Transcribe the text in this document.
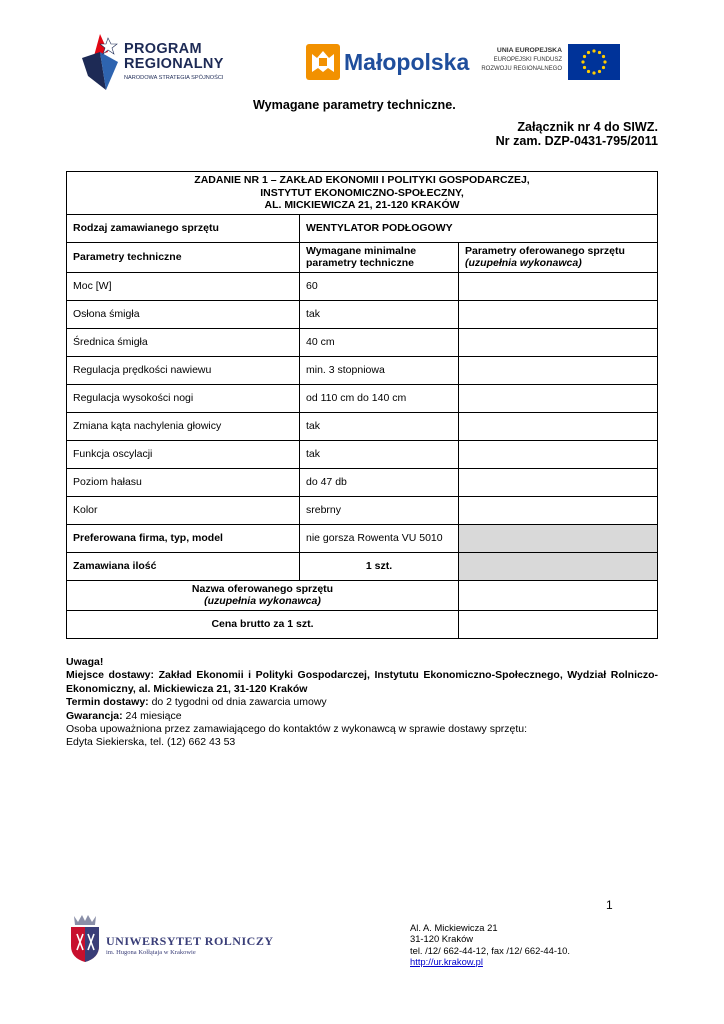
PROGRAM
REGIONALNY
NARODOWA STRATEGIA SPÓJNOŚCI
Małopolska	UNIA EUROPEJSKA
EUROPEJSKI FUNDUSZ
ROZWOJU REGIONALNEGO
Wymagane parametry techniczne.
Załącznik nr 4 do SIWZ.
Nr zam. DZP-0431-795/2011
ZADANIE NR 1 – ZAKŁAD EKONOMII I POLITYKI GOSPODARCZEJ,
INSTYTUT EKONOMICZNO-SPOŁECZNY,
AL. MICKIEWICZA 21, 21-120 KRAKÓW		

Rodzaj zamawianego sprzętu	WENTYLATOR PODŁOGOWY	
Parametry techniczne	Wymagane minimalne parametry techniczne	Parametry oferowanego sprzętu
(uzupełnia wykonawca)

Moc [W]	60	
Osłona śmigła	tak	
Średnica śmigła	40 cm	
Regulacja prędkości nawiewu	min. 3 stopniowa	
Regulacja wysokości nogi	od 110 cm do 140 cm	
Zmiana kąta nachylenia głowicy	tak	
Funkcja oscylacji	tak	
Poziom hałasu	do 47 db	
Kolor	srebrny	
Preferowana firma, typ, model	nie gorsza Rowenta VU 5010	
Zamawiana ilość	1 szt.	

Nazwa oferowanego sprzętu
(uzupełnia wykonawca)		

Cena brutto za 1 szt.		
Uwaga!
Miejsce dostawy: Zakład Ekonomii i Polityki Gospodarczej, Instytutu Ekonomiczno-Społecznego, Wydział Rolniczo-Ekonomiczny, al. Mickiewicza 21, 31-120 Kraków
Termin dostawy: do 2 tygodni od dnia zawarcia umowy
Gwarancja: 24 miesiące
Osoba upoważniona przez zamawiającego do kontaktów z wykonawcą w sprawie dostawy sprzętu:
Edyta Siekierska, tel. (12) 662 43 53
1
UNIWERSYTET ROLNICZY
im. Hugona Kołłątaja w Krakowie
Al. A. Mickiewicza 21
31-120 Kraków
tel. /12/ 662-44-12, fax /12/ 662-44-10.
http://ur.krakow.pl
